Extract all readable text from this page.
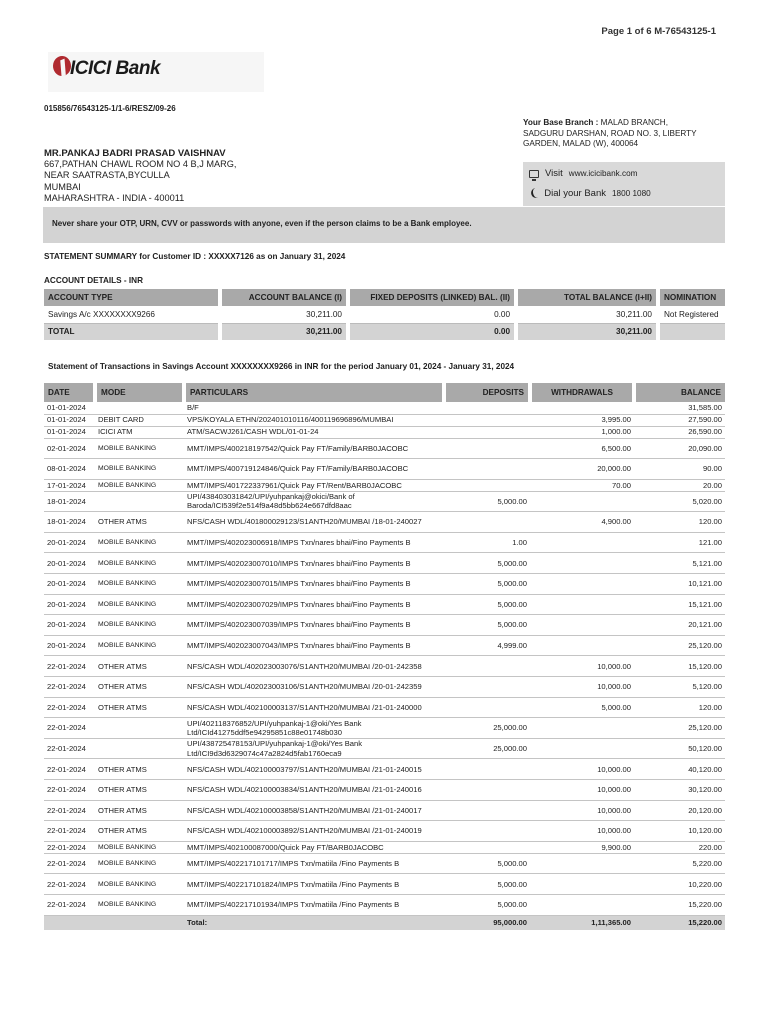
Page 1 of 6 M-76543125-1
ICICI Bank
015856/76543125-1/1-6/RESZ/09-26
Your Base Branch : MALAD BRANCH,
SADGURU DARSHAN, ROAD NO. 3, LIBERTY
GARDEN, MALAD (W), 400064
MR.PANKAJ BADRI PRASAD VAISHNAV
667,PATHAN CHAWL ROOM NO 4 B,J MARG,
NEAR SAATRASTA,BYCULLA
MUMBAI
MAHARASHTRA - INDIA - 400011
Visit www.icicibank.com
❨ Dial your Bank 1800 1080
Never share your OTP, URN, CVV or passwords with anyone, even if the person claims to be a Bank employee.
STATEMENT SUMMARY for Customer ID : XXXXX7126 as on January 31, 2024
ACCOUNT DETAILS - INR
ACCOUNT TYPE	ACCOUNT BALANCE (I)	FIXED DEPOSITS (LINKED) BAL. (II)	TOTAL BALANCE (I+II)	NOMINATION
Savings A/c XXXXXXXX9266	30,211.00	0.00	30,211.00	Not Registered
TOTAL	30,211.00	0.00	30,211.00	
Statement of Transactions in Savings Account XXXXXXXX9266 in INR for the period January 01, 2024 - January 31, 2024
DATE	MODE	PARTICULARS	DEPOSITS	WITHDRAWALS	BALANCE
01-01-2024		B/F			31,585.00
01-01-2024	DEBIT CARD	VPS/KOYALA ETHN/202401010116/400119696896/MUMBAI		3,995.00	27,590.00
01-01-2024	ICICI ATM	ATM/SACWJ261/CASH WDL/01-01-24		1,000.00	26,590.00
02-01-2024	MOBILE BANKING	MMT/IMPS/400218197542/Quick Pay FT/Family/BARB0JACOBC		6,500.00	20,090.00
08-01-2024	MOBILE BANKING	MMT/IMPS/400719124846/Quick Pay FT/Family/BARB0JACOBC		20,000.00	90.00
17-01-2024	MOBILE BANKING	MMT/IMPS/401722337961/Quick Pay FT/Rent/BARB0JACOBC		70.00	20.00
18-01-2024		UPI/438403031842/UPI/yuhpankaj@okici/Bank of Baroda/ICI539f2e514f9a48d5bb624e667dfd8aac	5,000.00		5,020.00
18-01-2024	OTHER ATMS	NFS/CASH WDL/401800029123/S1ANTH20/MUMBAI /18-01-240027		4,900.00	120.00
20-01-2024	MOBILE BANKING	MMT/IMPS/402023006918/IMPS Txn/nares bhai/Fino Payments B	1.00		121.00
20-01-2024	MOBILE BANKING	MMT/IMPS/402023007010/IMPS Txn/nares bhai/Fino Payments B	5,000.00		5,121.00
20-01-2024	MOBILE BANKING	MMT/IMPS/402023007015/IMPS Txn/nares bhai/Fino Payments B	5,000.00		10,121.00
20-01-2024	MOBILE BANKING	MMT/IMPS/402023007029/IMPS Txn/nares bhai/Fino Payments B	5,000.00		15,121.00
20-01-2024	MOBILE BANKING	MMT/IMPS/402023007039/IMPS Txn/nares bhai/Fino Payments B	5,000.00		20,121.00
20-01-2024	MOBILE BANKING	MMT/IMPS/402023007043/IMPS Txn/nares bhai/Fino Payments B	4,999.00		25,120.00
22-01-2024	OTHER ATMS	NFS/CASH WDL/402023003076/S1ANTH20/MUMBAI /20-01-242358		10,000.00	15,120.00
22-01-2024	OTHER ATMS	NFS/CASH WDL/402023003106/S1ANTH20/MUMBAI /20-01-242359		10,000.00	5,120.00
22-01-2024	OTHER ATMS	NFS/CASH WDL/402100003137/S1ANTH20/MUMBAI /21-01-240000		5,000.00	120.00
22-01-2024		UPI/402118376852/UPI/yuhpankaj-1@oki/Yes Bank Ltd/ICId41275ddf5e94295851c88e01748b030	25,000.00		25,120.00
22-01-2024		UPI/438725478153/UPI/yuhpankaj-1@oki/Yes Bank Ltd/ICI9d3d6329074c47a2824d5fab1760eca9	25,000.00		50,120.00
22-01-2024	OTHER ATMS	NFS/CASH WDL/402100003797/S1ANTH20/MUMBAI /21-01-240015		10,000.00	40,120.00
22-01-2024	OTHER ATMS	NFS/CASH WDL/402100003834/S1ANTH20/MUMBAI /21-01-240016		10,000.00	30,120.00
22-01-2024	OTHER ATMS	NFS/CASH WDL/402100003858/S1ANTH20/MUMBAI /21-01-240017		10,000.00	20,120.00
22-01-2024	OTHER ATMS	NFS/CASH WDL/402100003892/S1ANTH20/MUMBAI /21-01-240019		10,000.00	10,120.00
22-01-2024	MOBILE BANKING	MMT/IMPS/402100087000/Quick Pay FT/BARB0JACOBC		9,900.00	220.00
22-01-2024	MOBILE BANKING	MMT/IMPS/402217101717/IMPS Txn/matiila /Fino Payments B	5,000.00		5,220.00
22-01-2024	MOBILE BANKING	MMT/IMPS/402217101824/IMPS Txn/matiila /Fino Payments B	5,000.00		10,220.00
22-01-2024	MOBILE BANKING	MMT/IMPS/402217101934/IMPS Txn/matiila /Fino Payments B	5,000.00		15,220.00
		Total:	95,000.00	1,11,365.00	15,220.00
